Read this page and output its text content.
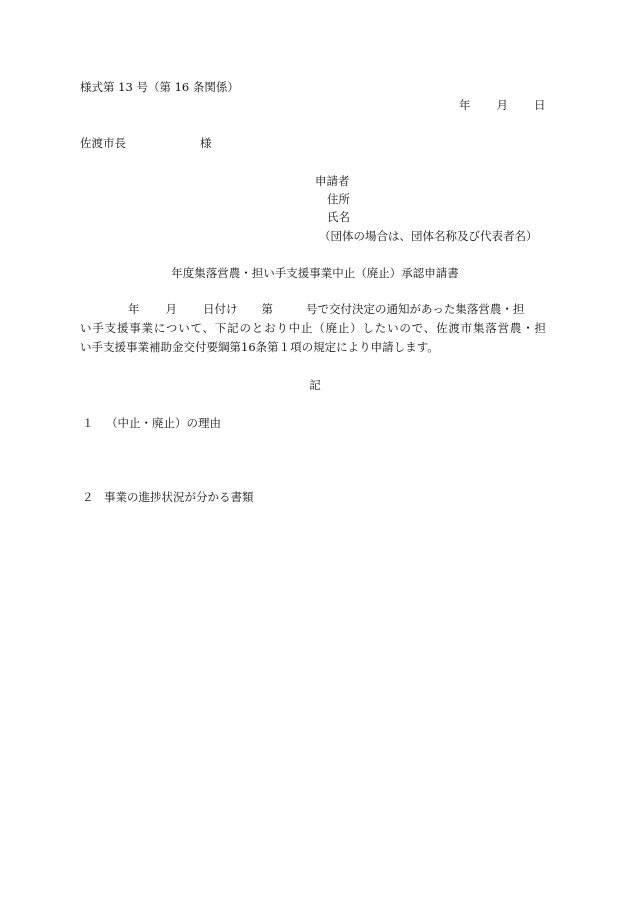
様式第 13 号（第 16 条関係）
年 月 日
佐渡市長	様
申請者
住所
氏名
（団体の場合は、団体名称及び代表者名）
年度集落営農・担い手支援事業中止（廃止）承認申請書
年 月 日付け 第	号で交付決定の通知があった集落営農・担
い手支援事業について、下記のとおり中止（廃止）したいので、佐渡市集落営農・担
い手支援事業補助金交付要綱第16条第１項の規定により申請します。
記
１ （中止・廃止）の理由
２ 事業の進捗状況が分かる書類
